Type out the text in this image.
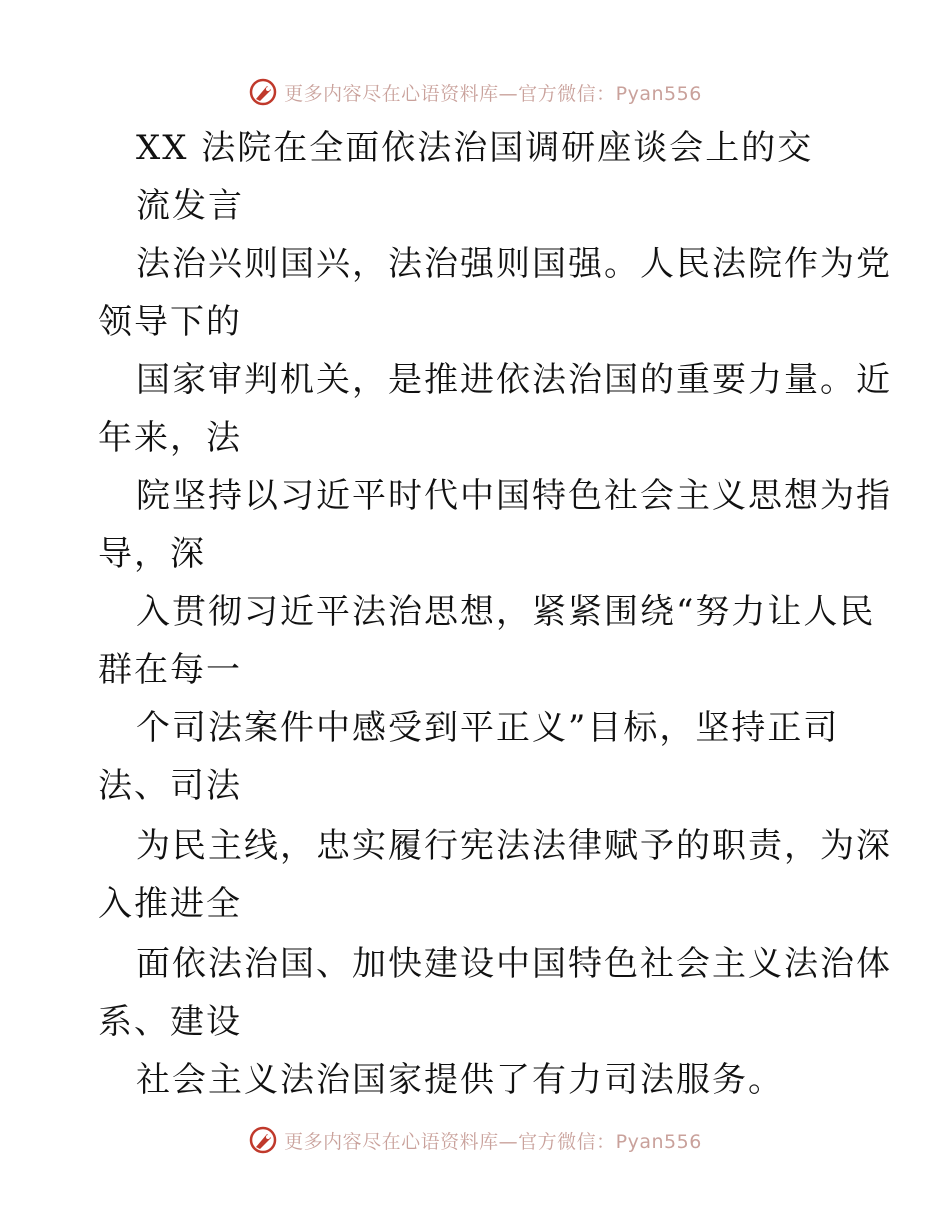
更多内容尽在心语资料库—官方微信：Pyan556
XX 法院在全面依法治国调研座谈会上的交
流发言
法治兴则国兴，法治强则国强。人民法院作为党
领导下的
国家审判机关，是推进依法治国的重要力量。近
年来，法
院坚持以习近平时代中国特色社会主义思想为指
导，深
入贯彻习近平法治思想，紧紧围绕“努力让人民
群在每一
个司法案件中感受到平正义”目标，坚持正司
法、司法
为民主线，忠实履行宪法法律赋予的职责，为深
入推进全
面依法治国、加快建设中国特色社会主义法治体
系、建设
社会主义法治国家提供了有力司法服务。
更多内容尽在心语资料库—官方微信：Pyan556
